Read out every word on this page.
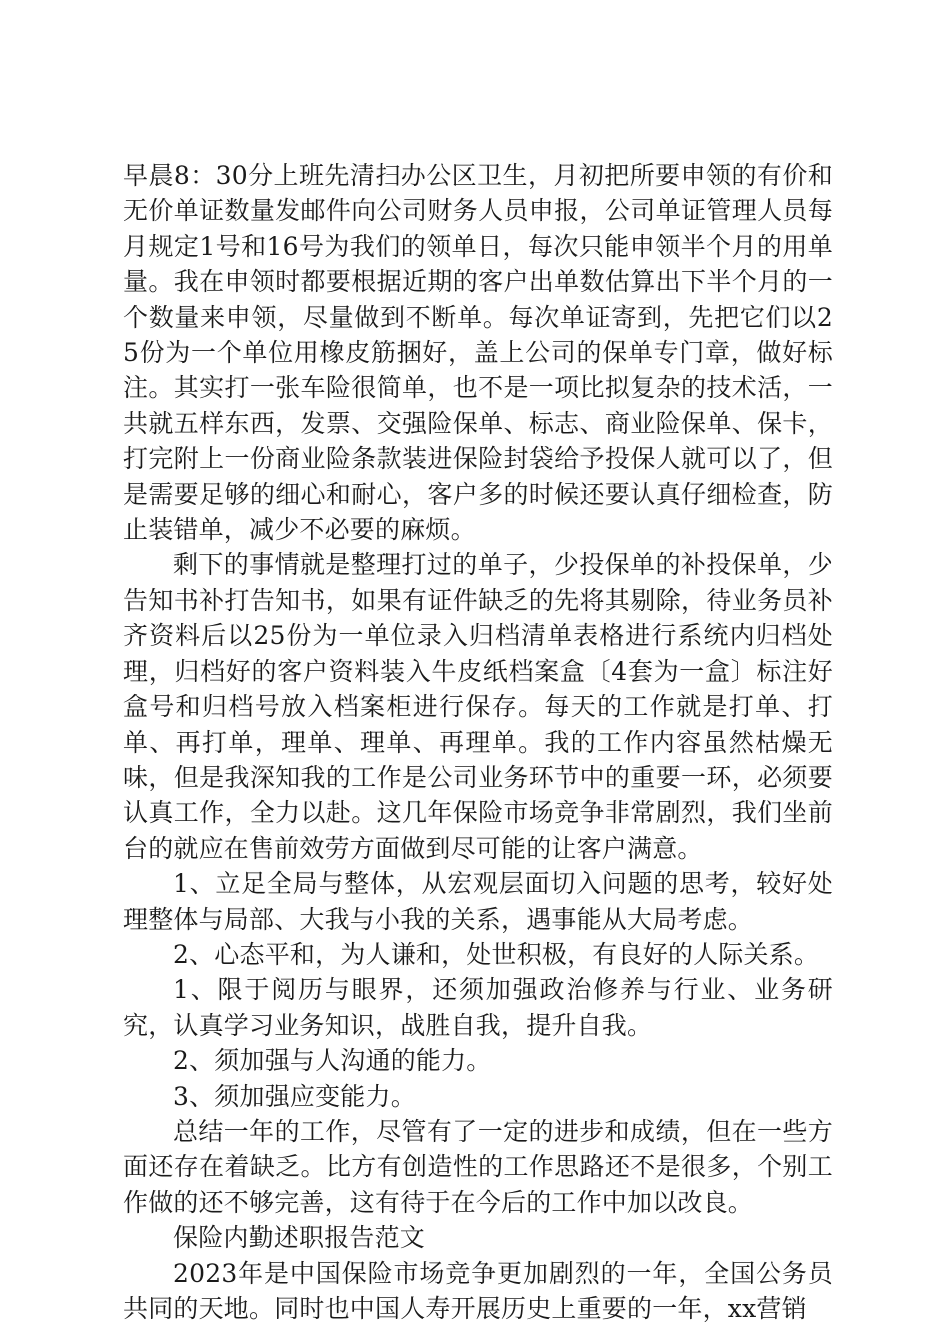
早晨8：30分上班先清扫办公区卫生，月初把所要申领的有价和无价单证数量发邮件向公司财务人员申报，公司单证管理人员每月规定1号和16号为我们的领单日，每次只能申领半个月的用单量。我在申领时都要根据近期的客户出单数估算出下半个月的一个数量来申领，尽量做到不断单。每次单证寄到，先把它们以25份为一个单位用橡皮筋捆好，盖上公司的保单专门章，做好标注。其实打一张车险很简单，也不是一项比拟复杂的技术活，一共就五样东西，发票、交强险保单、标志、商业险保单、保卡，打完附上一份商业险条款装进保险封袋给予投保人就可以了，但是需要足够的细心和耐心，客户多的时候还要认真仔细检查，防止装错单，减少不必要的麻烦。

剩下的事情就是整理打过的单子，少投保单的补投保单，少告知书补打告知书，如果有证件缺乏的先将其剔除，待业务员补齐资料后以25份为一单位录入归档清单表格进行系统内归档处理，归档好的客户资料装入牛皮纸档案盒〔4套为一盒〕标注好盒号和归档号放入档案柜进行保存。每天的工作就是打单、打单、再打单，理单、理单、再理单。我的工作内容虽然枯燥无味，但是我深知我的工作是公司业务环节中的重要一环，必须要认真工作，全力以赴。这几年保险市场竞争非常剧烈，我们坐前台的就应在售前效劳方面做到尽可能的让客户满意。

1、立足全局与整体，从宏观层面切入问题的思考，较好处理整体与局部、大我与小我的关系，遇事能从大局考虑。

2、心态平和，为人谦和，处世积极，有良好的人际关系。

1、限于阅历与眼界，还须加强政治修养与行业、业务研究，认真学习业务知识，战胜自我，提升自我。

2、须加强与人沟通的能力。

3、须加强应变能力。

总结一年的工作，尽管有了一定的进步和成绩，但在一些方面还存在着缺乏。比方有创造性的工作思路还不是很多，个别工作做的还不够完善，这有待于在今后的工作中加以改良。

保险内勤述职报告范文

2023年是中国保险市场竞争更加剧烈的一年，全国公务员共同的天地。同时也中国人寿开展历史上重要的一年，xx营销
